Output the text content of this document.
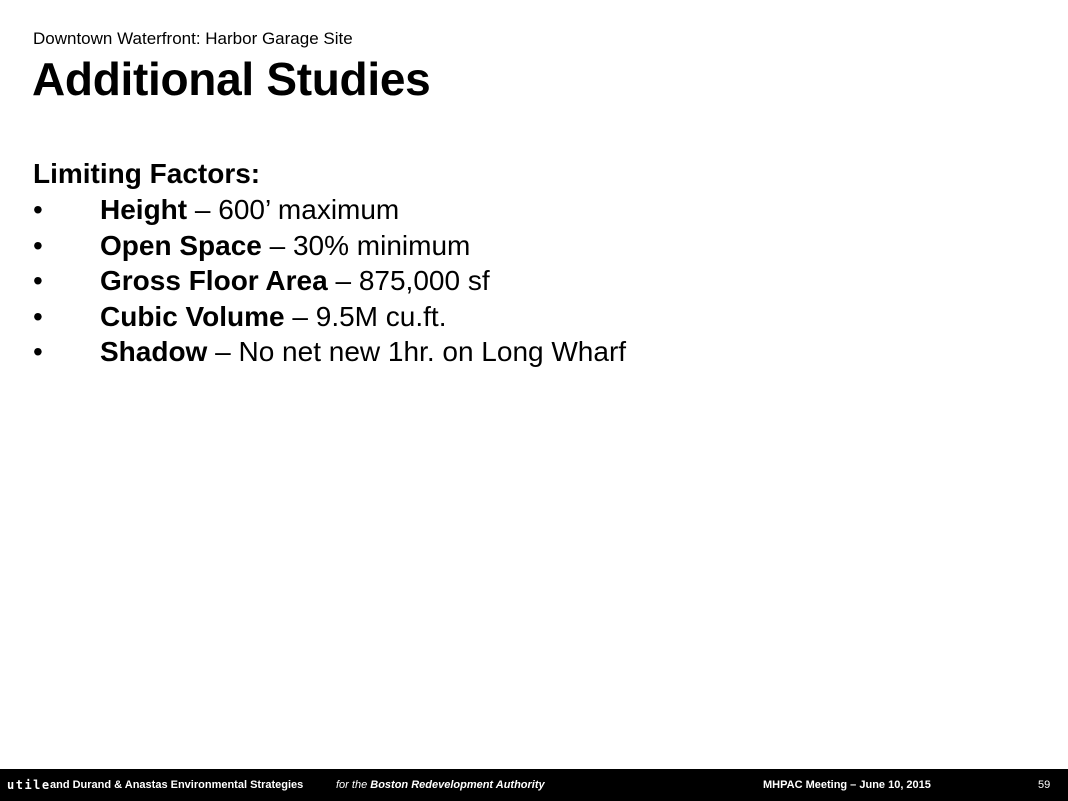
Downtown Waterfront: Harbor Garage Site
Additional Studies
Limiting Factors:
• Height – 600’ maximum
• Open Space – 30% minimum
• Gross Floor Area – 875,000 sf
• Cubic Volume – 9.5M cu.ft.
• Shadow – No net new 1hr. on Long Wharf
utile and Durand & Anastas Environmental Strategies	for the Boston Redevelopment Authority	MHPAC Meeting – June 10, 2015	59
